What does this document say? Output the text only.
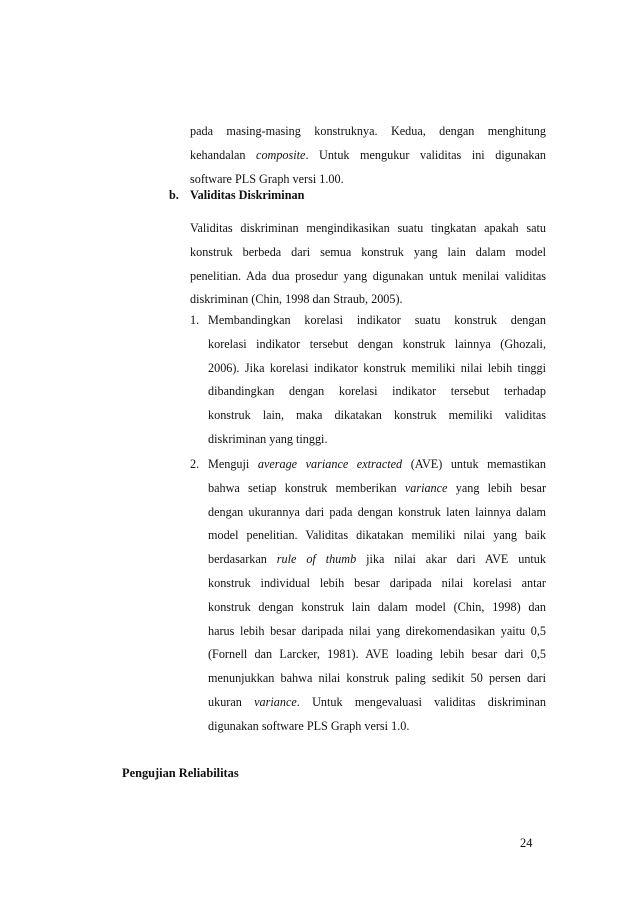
pada masing-masing konstruknya. Kedua, dengan menghitung
kehandalan composite. Untuk mengukur validitas ini digunakan
software PLS Graph versi 1.00.
b. Validitas Diskriminan
Validitas diskriminan mengindikasikan suatu tingkatan apakah satu
konstruk berbeda dari semua konstruk yang lain dalam model
penelitian. Ada dua prosedur yang digunakan untuk menilai validitas
diskriminan (Chin, 1998 dan Straub, 2005).
1. Membandingkan korelasi indikator suatu konstruk dengan
korelasi indikator tersebut dengan konstruk lainnya (Ghozali,
2006). Jika korelasi indikator konstruk memiliki nilai lebih tinggi
dibandingkan dengan korelasi indikator tersebut terhadap
konstruk lain, maka dikatakan konstruk memiliki validitas
diskriminan yang tinggi.
2. Menguji average variance extracted (AVE) untuk memastikan
bahwa setiap konstruk memberikan variance yang lebih besar
dengan ukurannya dari pada dengan konstruk laten lainnya dalam
model penelitian. Validitas dikatakan memiliki nilai yang baik
berdasarkan rule of thumb jika nilai akar dari AVE untuk
konstruk individual lebih besar daripada nilai korelasi antar
konstruk dengan konstruk lain dalam model (Chin, 1998) dan
harus lebih besar daripada nilai yang direkomendasikan yaitu 0,5
(Fornell dan Larcker, 1981). AVE loading lebih besar dari 0,5
menunjukkan bahwa nilai konstruk paling sedikit 50 persen dari
ukuran variance. Untuk mengevaluasi validitas diskriminan
digunakan software PLS Graph versi 1.0.
Pengujian Reliabilitas
24
